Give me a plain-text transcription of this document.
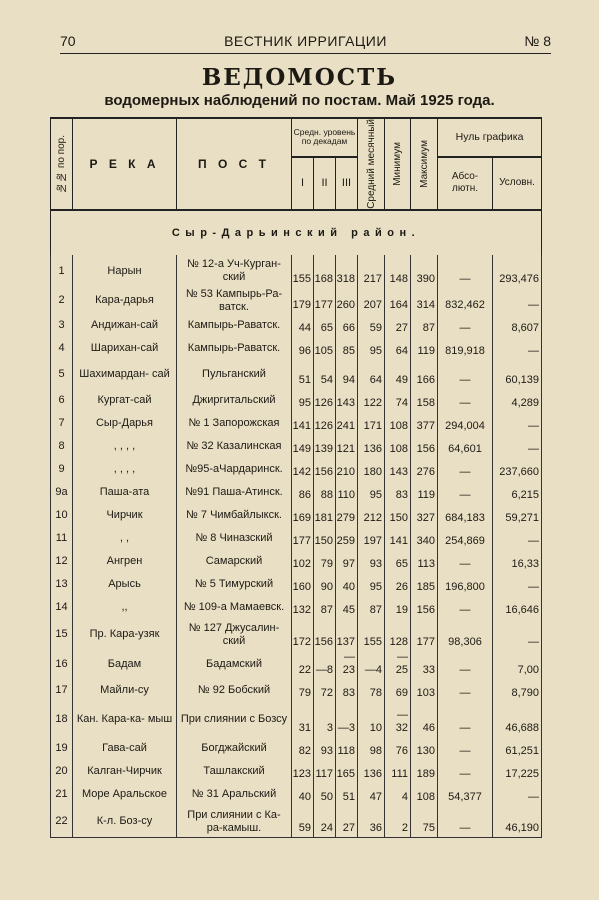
70	ВЕСТНИК ИРРИГАЦИИ	№ 8
ВЕДОМОСТЬ
водомерных наблюдений по постам. Май 1925 года.
№№ по пор.	Р Е К А	П О С Т	Средн. уровень по декадам			Средний месячный	Минимум	Максимум	Нуль графика	
			I	II	III				Абсо- лютн.	Условн.

Сыр-Дарьинский район.										
1	Нарын	№ 12-а Уч-Курган- ский	155	168	318	217	148	390	—	293,476
2	Кара-дарья	№ 53 Кампырь-Ра- ватск.	179	177	260	207	164	314	832,462	—
3	Андижан-сай	Кампырь-Раватск.	44	65	66	59	27	87	—	8,607
4	Шарихан-сай	Кампырь-Раватск.	96	105	85	95	64	119	819,918	—
5	Шахимардан- сай	Пульганский	51	54	94	64	49	166	—	60,139
6	Кургат-сай	Джиргитальский	95	126	143	122	74	158	—	4,289
7	Сыр-Дарья	№ 1 Запорожская	141	126	241	171	108	377	294,004	—
8	, , , ,	№ 32 Казалинская	149	139	121	136	108	156	64,601	—
9	, , , ,	№95-аЧардаринск.	142	156	210	180	143	276	—	237,660
9a	Паша-ата	№91 Паша-Атинск.	86	88	110	95	83	119	—	6,215
10	Чирчик	№ 7 Чимбайлыкск.	169	181	279	212	150	327	684,183	59,271
11	, ,	№ 8 Чиназский	177	150	259	197	141	340	254,869	—
12	Ангрен	Самарский	102	79	97	93	65	113	—	16,33
13	Арысь	№ 5 Тимурский	160	90	40	95	26	185	196,800	—
14	,,	№ 109-а Мамаевск.	132	87	45	87	19	156	—	16,646
15	Пр. Кара-узяк	№ 127 Джусалин- ский	172	156	137	155	128	177	98,306	—
16	Бадам	Бадамский	22	—8	—23	—4	—25	33	—	7,00
17	Майли-су	№ 92 Бобский	79	72	83	78	69	103	—	8,790
18	Кан. Кара-ка- мыш	При слиянии с Бозсу	31	3	—3	10	—32	46	—	46,688
19	Гава-сай	Богджайский	82	93	118	98	76	130	—	61,251
20	Калган-Чирчик	Ташлакский	123	117	165	136	111	189	—	17,225
21	Море Аральское	№ 31 Аральский	40	50	51	47	4	108	54,377	—
22	К-л. Боз-су	При слиянии с Ка- ра-камыш.	59	24	27	36	2	75	—	46,190
